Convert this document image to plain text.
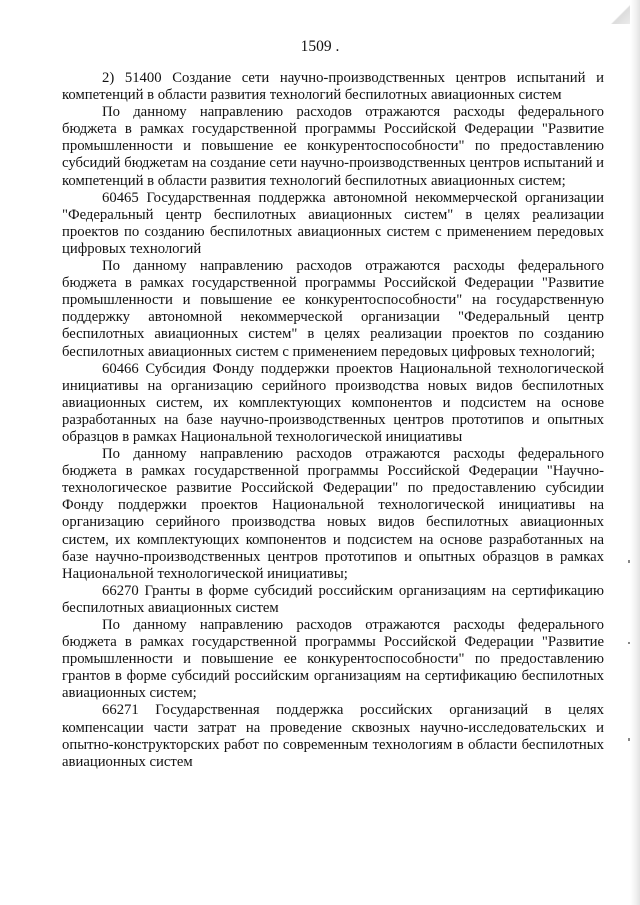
1509 .

2) 51400 Создание сети научно-производственных центров испытаний и компетенций в области развития технологий беспилотных авиационных систем

По данному направлению расходов отражаются расходы федерального бюджета в рамках государственной программы Российской Федерации "Развитие промышленности и повышение ее конкурентоспособности" по предоставлению субсидий бюджетам на создание сети научно-производственных центров испытаний и компетенций в области развития технологий беспилотных авиационных систем;

60465 Государственная поддержка автономной некоммерческой организации "Федеральный центр беспилотных авиационных систем" в целях реализации проектов по созданию беспилотных авиационных систем с применением передовых цифровых технологий

По данному направлению расходов отражаются расходы федерального бюджета в рамках государственной программы Российской Федерации "Развитие промышленности и повышение ее конкурентоспособности" на государственную поддержку автономной некоммерческой организации "Федеральный центр беспилотных авиационных систем" в целях реализации проектов по созданию беспилотных авиационных систем с применением передовых цифровых технологий;

60466 Субсидия Фонду поддержки проектов Национальной технологической инициативы на организацию серийного производства новых видов беспилотных авиационных систем, их комплектующих компонентов и подсистем на основе разработанных на базе научно-производственных центров прототипов и опытных образцов в рамках Национальной технологической инициативы

По данному направлению расходов отражаются расходы федерального бюджета в рамках государственной программы Российской Федерации "Научно-технологическое развитие Российской Федерации" по предоставлению субсидии Фонду поддержки проектов Национальной технологической инициативы на организацию серийного производства новых видов беспилотных авиационных систем, их комплектующих компонентов и подсистем на основе разработанных на базе научно-производственных центров прототипов и опытных образцов в рамках Национальной технологической инициативы;

66270 Гранты в форме субсидий российским организациям на сертификацию беспилотных авиационных систем

По данному направлению расходов отражаются расходы федерального бюджета в рамках государственной программы Российской Федерации "Развитие промышленности и повышение ее конкурентоспособности" по предоставлению грантов в форме субсидий российским организациям на сертификацию беспилотных авиационных систем;

66271 Государственная поддержка российских организаций в целях компенсации части затрат на проведение сквозных научно-исследовательских и опытно-конструкторских работ по современным технологиям в области беспилотных авиационных систем
